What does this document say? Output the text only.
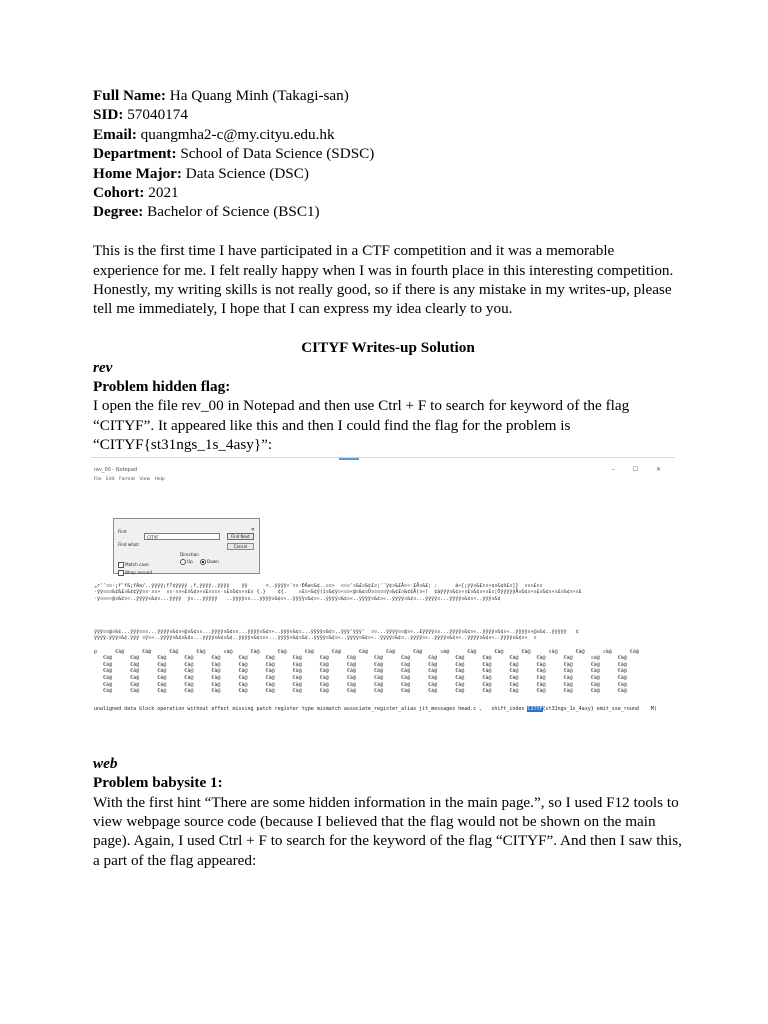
Full Name: Ha Quang Minh (Takagi-san)
SID: 57040174
Email: quangmha2-c@my.cityu.edu.hk
Department: School of Data Science (SDSC)
Home Major: Data Science (DSC)
Cohort: 2021
Degree: Bachelor of Science (BSC1)
This is the first time I have participated in a CTF competition and it was a memorable experience for me. I felt really happy when I was in fourth place in this interesting competition. Honestly, my writing skills is not really good, so if there is any mistake in my writes-up, please tell me immediately, I hope that I can express my idea clearly to you.
CITYF Writes-up Solution
rev
Problem hidden flag:
I open the file rev_00 in Notepad and then use Ctrl + F to search for keyword of the flag “CITYF”. It appeared like this and then I could find the flag for the problem is “CITYF{st31ngs_1s_4asy}”:
rev_00 - Notepad	– ☐ ✕
File Edit Format View Help
Find	✕
Find what:
CITYF	Find Next
Cancel
Direction
Up	Down
Match case
Wrap around
„r''¤¤·¡f'f&¡fAa/..ÿÿÿÿ¡f?¢ÿÿÿÿ ‚f‚ÿÿÿÿ..ÿÿÿÿ    ÿÿ      <..ÿÿÿÿ»'¤¤·ÐÁa¤&¢..¤¤»  ¤»¤'¤&£¤&¢£¤¦'¨ÿ¢¤&£Ä¤«·£Ä¤&£¦ :      à«{¡ÿÿ¤&£¤¤«¢¤&¢õ£¤]}  ¤¤«£¤¤
·ÿÿ¤¤¤&¢&£¤&¢¢ÿÿ¤¤·¤¤»  ¤¤·¤¤«£¤&¢¤«¤£¤¤¤¤·¤£¤&¢¤«¤£¤ {.}    ¢{.    ¤£¤«&¢ÿ(ì¤&¢ÿ¤«¤¤«@¤&¢¤Ó¤¤¤¤¤ÿ¤&¢£¤&¢¢Ä(¤«)  ¢àÿÿÿ¤&¢¤«¤£¤&¢¤«¤£¤¦ÓÿÿÿÿÿÂ¤&¢¤«¤£¤&¢¤«¤£¤&¢¤«¤£
·ÿ¤¤¤«@¤&¢¤«..ÿÿÿÿ¤&¢¤...ÿÿÿÿ  ÿ¤...ÿÿÿÿÿ   ..ÿÿÿÿ¤¤...ÿÿÿÿ¤&¢¤«..ÿÿÿÿ¤&¢¤«..ÿÿÿÿ¤&¢¤«..ÿÿÿÿ¤&¢¤«..ÿÿÿÿ¤&¢¤...ÿÿÿÿ¤...ÿÿÿÿ¤&¢¤«..ÿÿÿ¤&¢
ÿÿÿ¤¤@¤&¢...ÿÿÿ¤¤¤...ÿÿÿÿ¤&¢¤«@¤&¢¤¤...ÿÿÿÿ¤&¢¤¤...ÿÿÿÿ¤&¢¤«..ÿÿÿ¤&¢¤...ÿÿÿÿ¤&¢¤..ÿÿÿ'ÿÿÿ'  ¤¤...ÿÿÿÿ¤¤@¤«..£ÿÿÿÿ¤¤...ÿÿÿÿ¤&¢¤«..ÿÿÿÿ¤&¢¤«..ÿÿÿÿ¤«@¤&¢..ÿÿÿÿÿ   ¢
ÿÿÿÿ.ÿÿÿ¤&¢.ÿÿÿ ¤ÿ¤«..ÿÿÿÿ¤&¢¤&¢¤...ÿÿÿÿ¤&¢¤&¢..ÿÿÿÿ¤&¢¤¤«...ÿÿÿÿ¤&¢¤&¢..ÿÿÿÿ¤&¢¤«..ÿÿÿÿ¤&¢¤«..ÿÿÿÿ¤&¢¤..ÿÿÿÿ¤«..ÿÿÿÿ¤&¢¤«..ÿÿÿÿ¤&¢¤«..ÿÿÿÿ¤&¢¤«  ¤
p      €à@      €à@      €à@      €à@      ¤à@      €à@      €à@      €à@      €à@      €à@      €à@      €à@      ¤à@      €à@      €à@      €à@      ¤à@      €à@      ¤à@      €à@
€à@      €à@      €à@      €à@      €à@      €à@      €à@      €à@      €à@      €à@      €à@      €à@      €à@      €à@      €à@      €à@      €à@      €à@      ¤à@      €à@
€à@      €à@      €à@      €à@      €à@      €à@      €à@      €à@      €à@      €à@      €à@      €à@      €à@      €à@      €à@      €à@      €à@      €à@      €à@      €à@
€à@      €à@      €à@      €à@      €à@      €à@      €à@      €à@      €à@      €à@      €à@      €à@      €à@      €à@      €à@      €à@      €à@      €à@      €à@      €à@
€à@      €à@      €à@      €à@      €à@      €à@      €à@      €à@      €à@      €à@      €à@      €à@      €à@      €à@      €à@      €à@      €à@      €à@      €à@      €à@
€à@      €à@      €à@      €à@      €à@      €à@      €à@      €à@      €à@      €à@      €à@      €à@      €à@      €à@      €à@      €à@      €à@      €à@      €à@      €à@
€à@      €à@      €à@      €à@      €à@      €à@      €à@      €à@      €à@      €à@      €à@      €à@      €à@      €à@      €à@      €à@      €à@      €à@      €à@      €à@
unaligned data block operation without effect missing patch register type mismatch associate_register_alias jit_messages head.c ,   shift_index CITYF{st31ngs_1s_4asy} emit_sse_round    M(
web
Problem babysite 1:
With the first hint “There are some hidden information in the main page.”, so I used F12 tools to view webpage source code (because I believed that the flag would not be shown on the main page). Again, I used Ctrl + F to search for the keyword of the flag “CITYF”. And then I saw this, a part of the flag appeared:
